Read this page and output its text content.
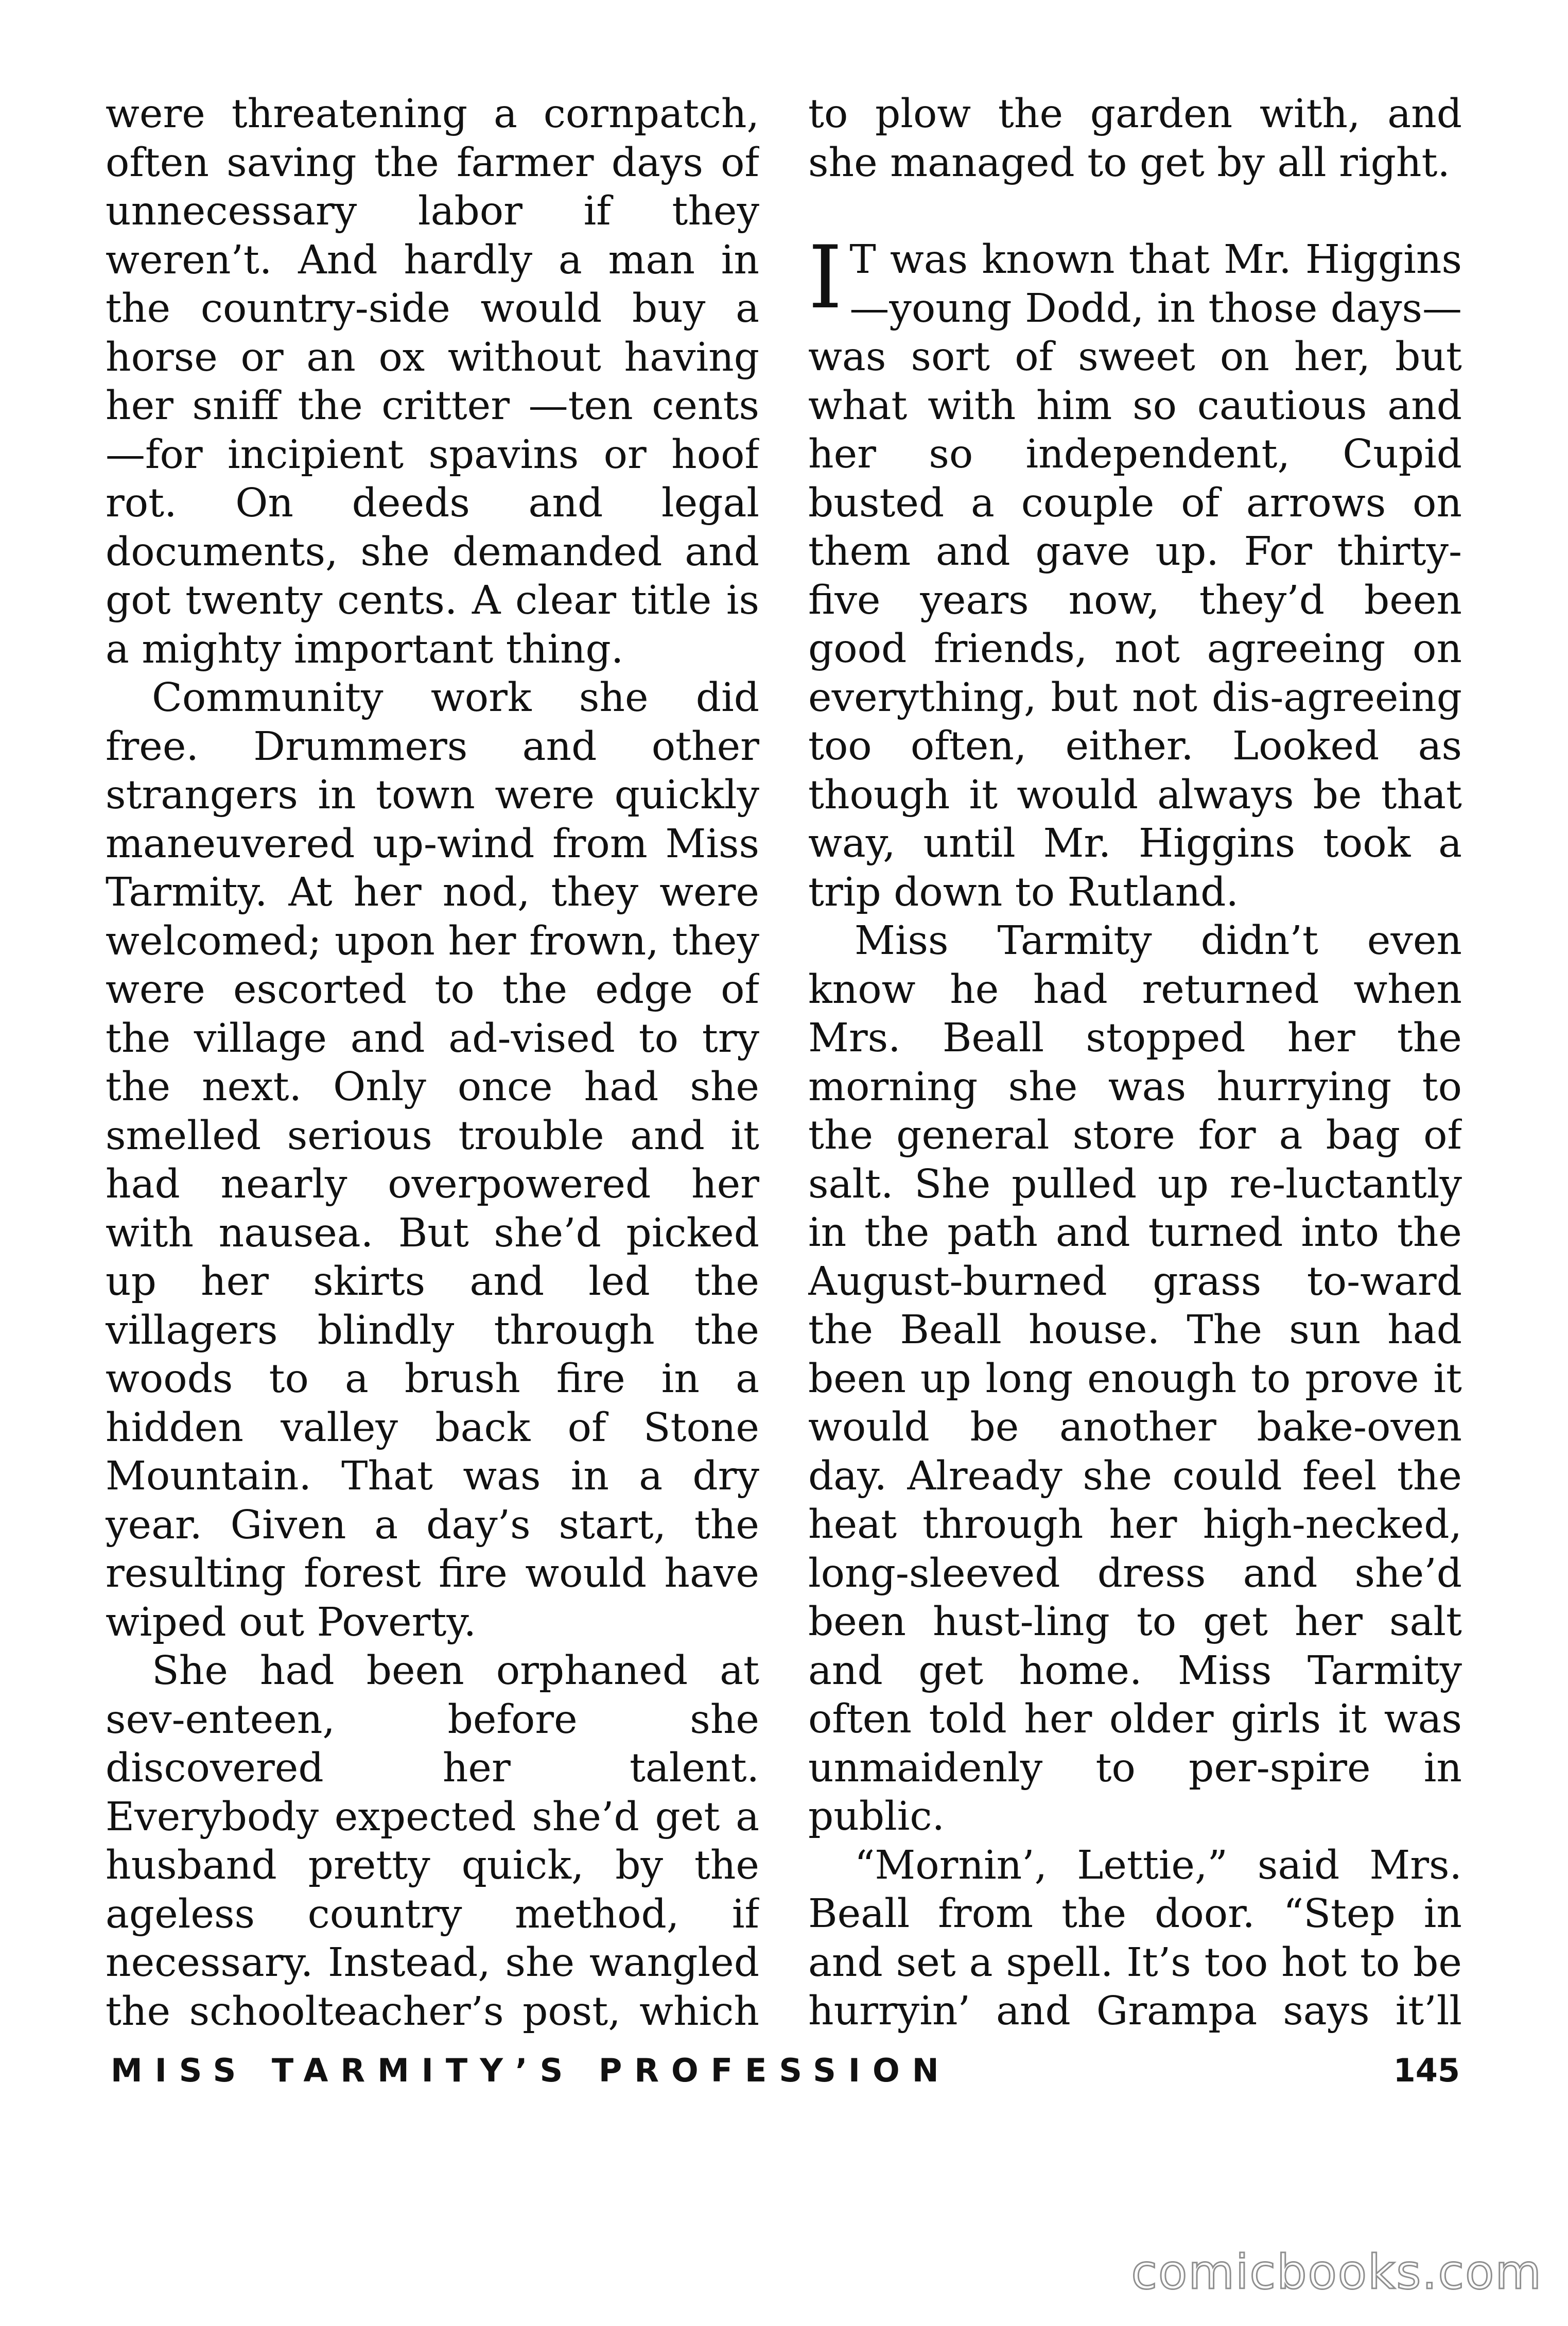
were threatening a cornpatch, often saving the farmer days of unnecessary labor if they weren’t. And hardly a man in the country-side would buy a horse or an ox without having her sniff the critter —ten cents—for incipient spavins or hoof rot. On deeds and legal documents, she demanded and got twenty cents. A clear title is a mighty important thing.

Community work she did free. Drummers and other strangers in town were quickly maneuvered up-wind from Miss Tarmity. At her nod, they were welcomed; upon her frown, they were escorted to the edge of the village and ad-vised to try the next. Only once had she smelled serious trouble and it had nearly overpowered her with nausea. But she’d picked up her skirts and led the villagers blindly through the woods to a brush fire in a hidden valley back of Stone Mountain. That was in a dry year. Given a day’s start, the resulting forest fire would have wiped out Poverty.

She had been orphaned at sev-enteen, before she discovered her talent. Everybody expected she’d get a husband pretty quick, by the ageless country method, if necessary. Instead, she wangled the schoolteacher’s post, which

to plow the garden with, and she managed to get by all right.

I T was known that Mr. Higgins —young Dodd, in those days— was sort of sweet on her, but what with him so cautious and her so independent, Cupid busted a couple of arrows on them and gave up. For thirty-five years now, they’d been good friends, not agreeing on everything, but not dis-agreeing too often, either. Looked as though it would always be that way, until Mr. Higgins took a trip down to Rutland.

Miss Tarmity didn’t even know he had returned when Mrs. Beall stopped her the morning she was hurrying to the general store for a bag of salt. She pulled up re-luctantly in the path and turned into the August-burned grass to-ward the Beall house. The sun had been up long enough to prove it would be another bake-oven day. Already she could feel the heat through her high-necked, long-sleeved dress and she’d been hust-ling to get her salt and get home. Miss Tarmity often told her older girls it was unmaidenly to per-spire in public.

“Mornin’, Lettie,” said Mrs. Beall from the door. “Step in and set a spell. It’s too hot to be hurryin’ and Grampa says it’ll

MISS TARMITY’S PROFESSION	145
comicbooks.com
